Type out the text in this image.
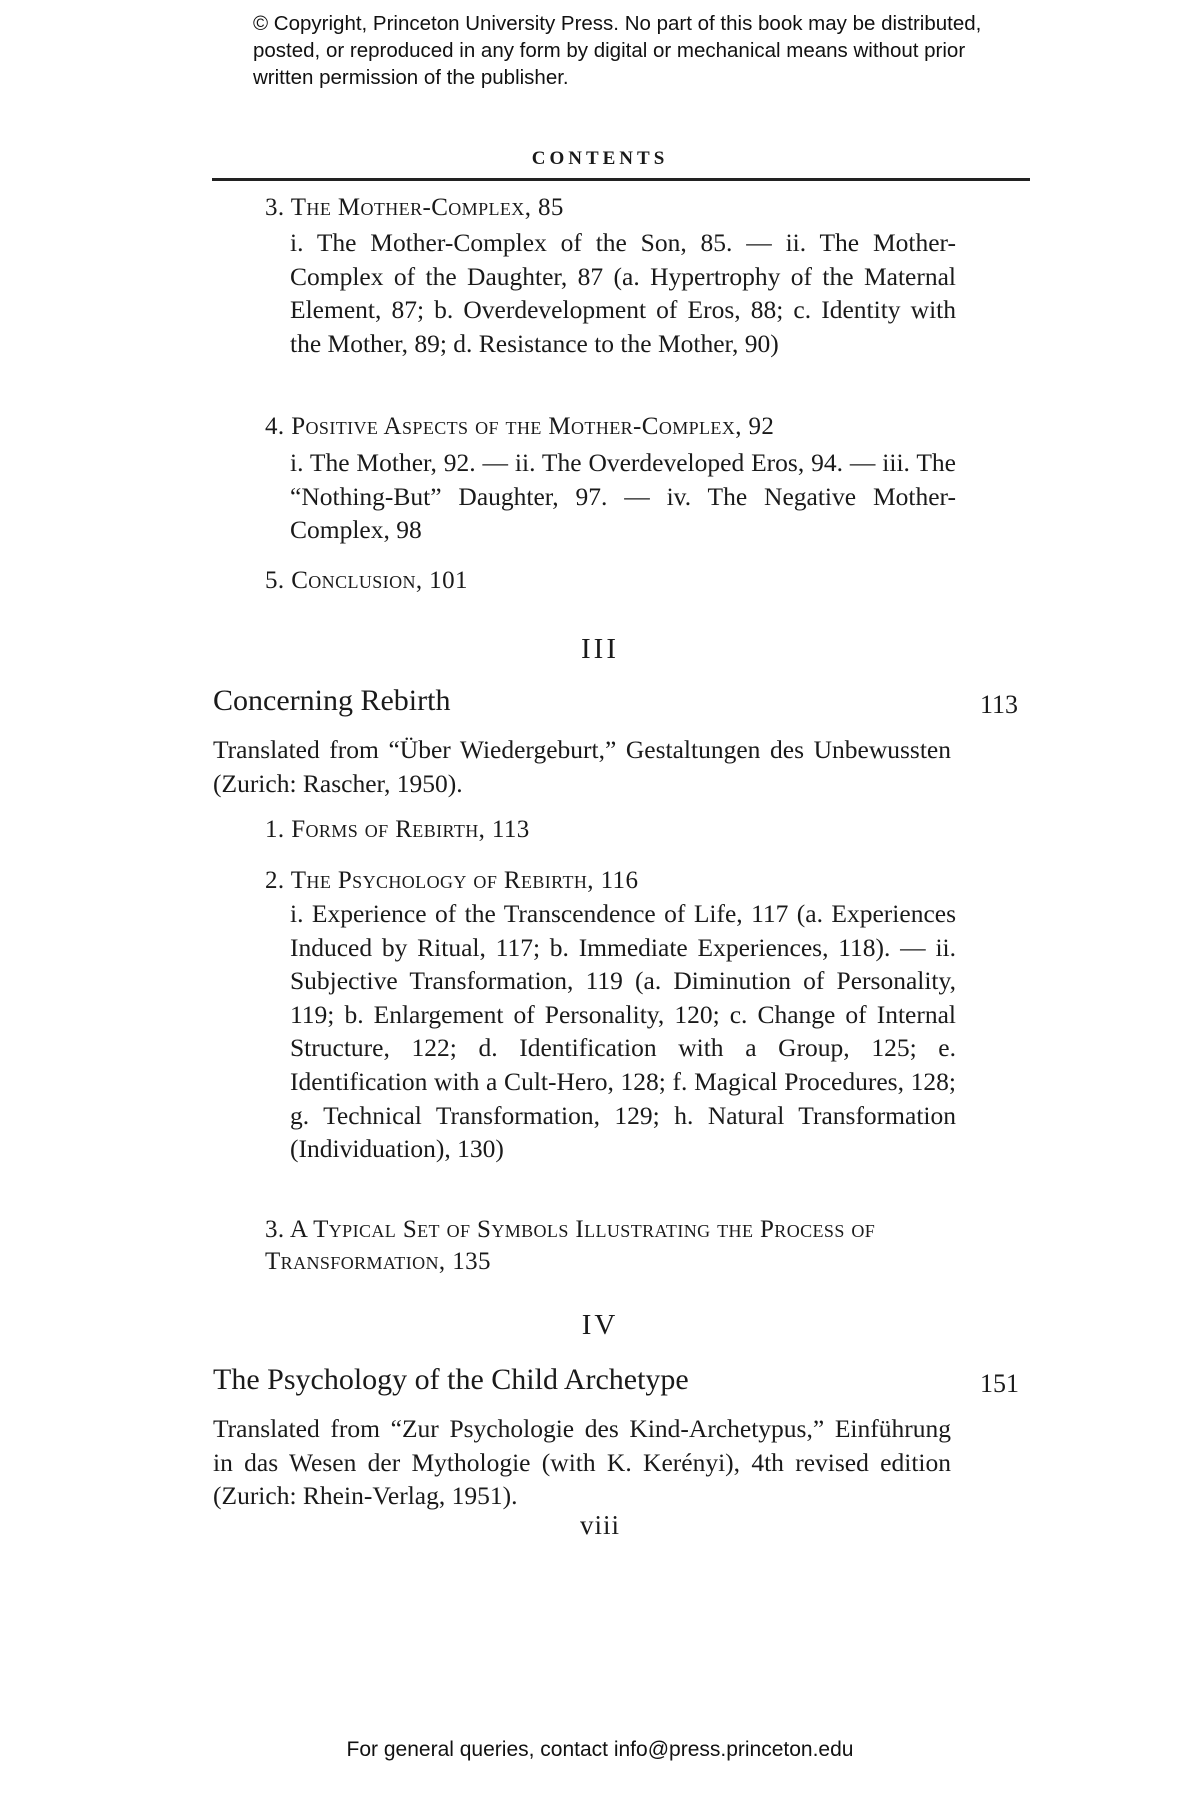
© Copyright, Princeton University Press. No part of this book may be distributed, posted, or reproduced in any form by digital or mechanical means without prior written permission of the publisher.
CONTENTS
3. The Mother-Complex, 85
i. The Mother-Complex of the Son, 85. — ii. The Mother-Complex of the Daughter, 87 (a. Hypertrophy of the Maternal Element, 87; b. Overdevelopment of Eros, 88; c. Identity with the Mother, 89; d. Resistance to the Mother, 90)
4. Positive Aspects of the Mother-Complex, 92
i. The Mother, 92. — ii. The Overdeveloped Eros, 94. — iii. The “Nothing-But” Daughter, 97. — iv. The Negative Mother-Complex, 98
5. Conclusion, 101
III
Concerning Rebirth	113
Translated from “Über Wiedergeburt,” Gestaltungen des Unbewussten (Zurich: Rascher, 1950).
1. Forms of Rebirth, 113
2. The Psychology of Rebirth, 116
i. Experience of the Transcendence of Life, 117 (a. Experiences Induced by Ritual, 117; b. Immediate Experiences, 118). — ii. Subjective Transformation, 119 (a. Diminution of Personality, 119; b. Enlargement of Personality, 120; c. Change of Internal Structure, 122; d. Identification with a Group, 125; e. Identification with a Cult-Hero, 128; f. Magical Procedures, 128; g. Technical Transformation, 129; h. Natural Transformation (Individuation), 130)
3. A Typical Set of Symbols Illustrating the Process of Transformation, 135
IV
The Psychology of the Child Archetype	151
Translated from “Zur Psychologie des Kind-Archetypus,” Einführung in das Wesen der Mythologie (with K. Kerényi), 4th revised edition (Zurich: Rhein-Verlag, 1951).
viii
For general queries, contact info@press.princeton.edu
